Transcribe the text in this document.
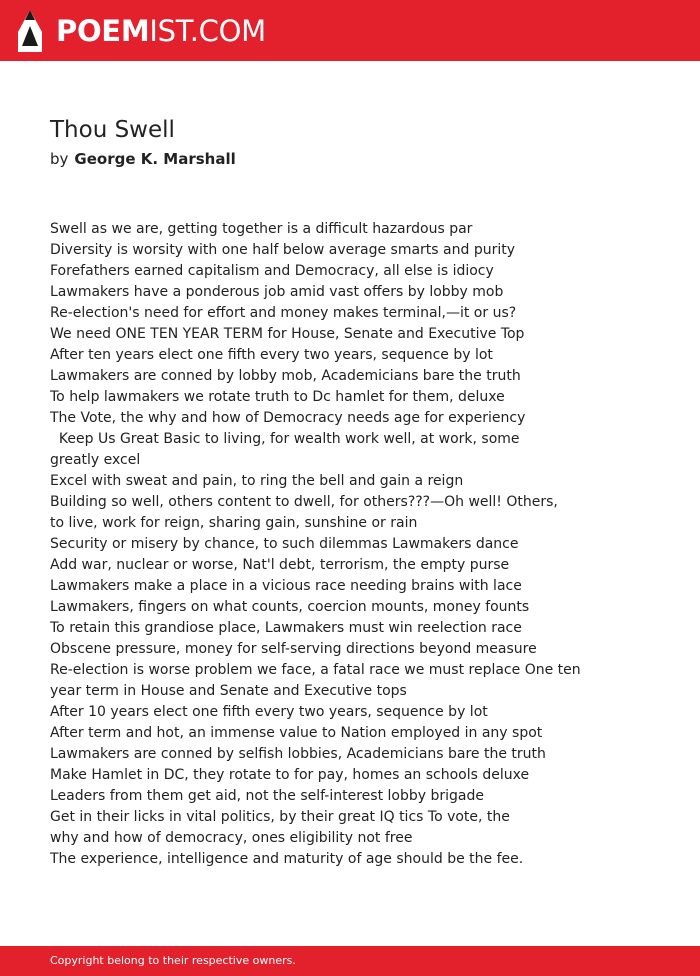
POEMIST.COM
Thou Swell
by George K. Marshall
Swell as we are, getting together is a difficult hazardous par
Diversity is worsity with one half below average smarts and purity
Forefathers earned capitalism and Democracy, all else is idiocy
Lawmakers have a ponderous job amid vast offers by lobby mob
Re-election's need for effort and money makes terminal,—it or us?
We need ONE TEN YEAR TERM for House, Senate and Executive Top
After ten years elect one fifth every two years, sequence by lot
Lawmakers are conned by lobby mob, Academicians bare the truth
To help lawmakers we rotate truth to Dc hamlet for them, deluxe
The Vote, the why and how of Democracy needs age for experiency
Keep Us Great Basic to living, for wealth work well, at work, some
greatly excel
Excel with sweat and pain, to ring the bell and gain a reign
Building so well, others content to dwell, for others???—Oh well! Others,
to live, work for reign, sharing gain, sunshine or rain
Security or misery by chance, to such dilemmas Lawmakers dance
Add war, nuclear or worse, Nat'l debt, terrorism, the empty purse
Lawmakers make a place in a vicious race needing brains with lace
Lawmakers, fingers on what counts, coercion mounts, money founts
To retain this grandiose place, Lawmakers must win reelection race
Obscene pressure, money for self-serving directions beyond measure
Re-election is worse problem we face, a fatal race we must replace One ten
year term in House and Senate and Executive tops
After 10 years elect one fifth every two years, sequence by lot
After term and hot, an immense value to Nation employed in any spot
Lawmakers are conned by selfish lobbies, Academicians bare the truth
Make Hamlet in DC, they rotate to for pay, homes an schools deluxe
Leaders from them get aid, not the self-interest lobby brigade
Get in their licks in vital politics, by their great IQ tics To vote, the
why and how of democracy, ones eligibility not free
The experience, intelligence and maturity of age should be the fee.
Copyright belong to their respective owners.
